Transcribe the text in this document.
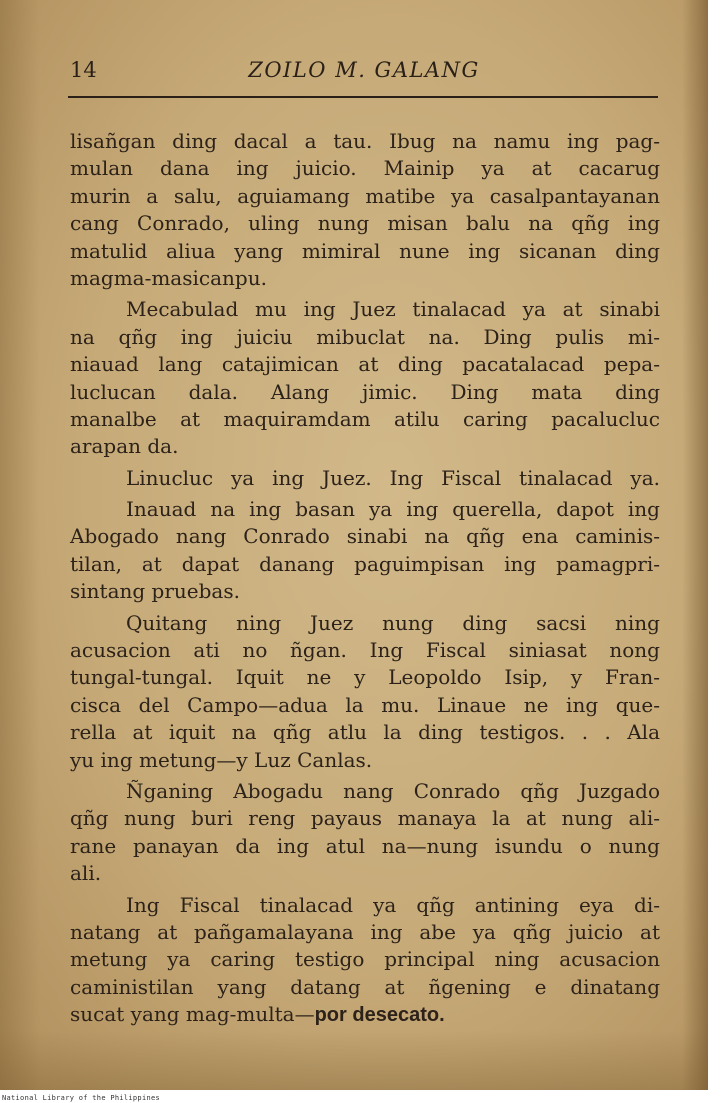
14	ZOILO M. GALANG
lisañgan ding dacal a tau. Ibug na namu ing pag-
mulan dana ing juicio. Mainip ya at cacarug
murin a salu, aguiamang matibe ya casalpantayanan
cang Conrado, uling nung misan balu na qñg ing
matulid aliua yang mimiral nune ing sicanan ding
magma-masicanpu.
Mecabulad mu ing Juez tinalacad ya at sinabi
na qñg ing juiciu mibuclat na. Ding pulis mi-
niauad lang catajimican at ding pacatalacad pepa-
luclucan dala. Alang jimic. Ding mata ding
manalbe at maquiramdam atilu caring pacalucluc
arapan da.
Linucluc ya ing Juez. Ing Fiscal tinalacad ya.
Inauad na ing basan ya ing querella, dapot ing
Abogado nang Conrado sinabi na qñg ena caminis-
tilan, at dapat danang paguimpisan ing pamagpri-
sintang pruebas.
Quitang ning Juez nung ding sacsi ning
acusacion ati no ñgan. Ing Fiscal siniasat nong
tungal-tungal. Iquit ne y Leopoldo Isip, y Fran-
cisca del Campo—adua la mu. Linaue ne ing que-
rella at iquit na qñg atlu la ding testigos. . . Ala
yu ing metung—y Luz Canlas.
Ñganing Abogadu nang Conrado qñg Juzgado
qñg nung buri reng payaus manaya la at nung ali-
rane panayan da ing atul na—nung isundu o nung
ali.
Ing Fiscal tinalacad ya qñg antining eya di-
natang at pañgamalayana ing abe ya qñg juicio at
metung ya caring testigo principal ning acusacion
caministilan yang datang at ñgening e dinatang
sucat yang mag-multa—por desecato.
National Library of the Philippines
